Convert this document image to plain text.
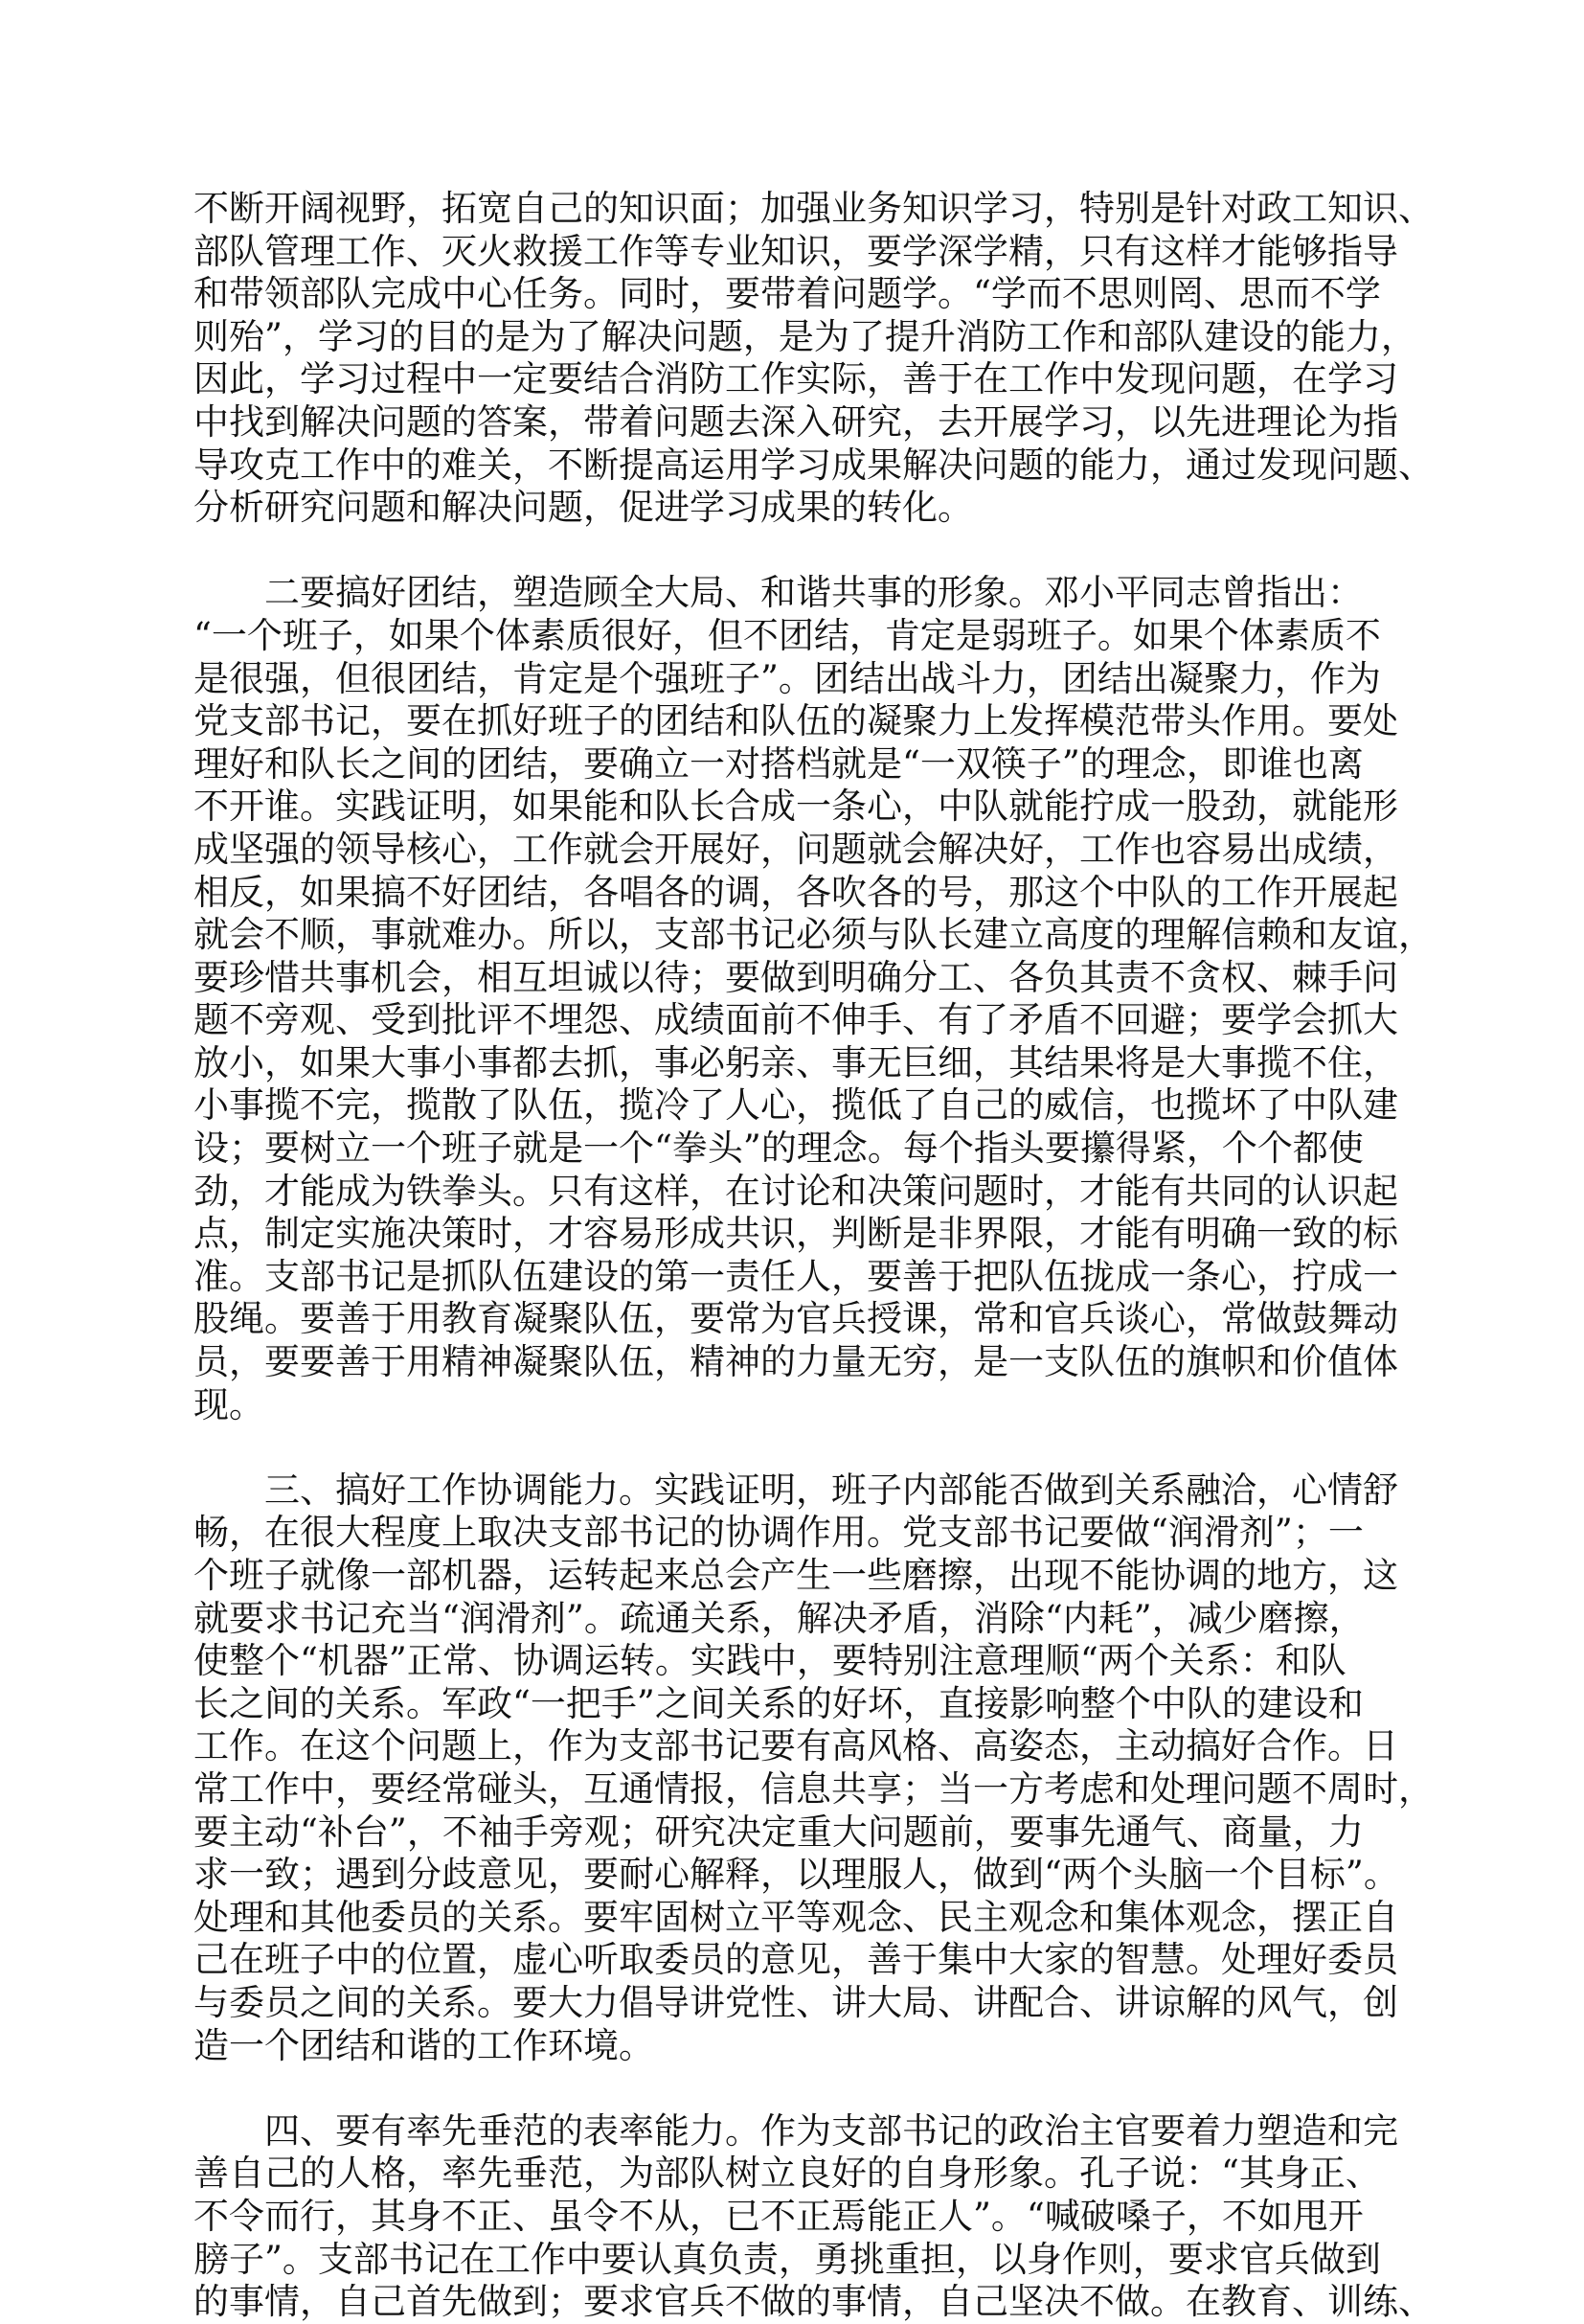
不断开阔视野，拓宽自己的知识面；加强业务知识学习，特别是针对政工知识、
部队管理工作、灭火救援工作等专业知识，要学深学精，只有这样才能够指导
和带领部队完成中心任务。同时，要带着问题学。“学而不思则罔、思而不学
则殆”，学习的目的是为了解决问题，是为了提升消防工作和部队建设的能力，
因此，学习过程中一定要结合消防工作实际，善于在工作中发现问题，在学习
中找到解决问题的答案，带着问题去深入研究，去开展学习，以先进理论为指
导攻克工作中的难关，不断提高运用学习成果解决问题的能力，通过发现问题、
分析研究问题和解决问题，促进学习成果的转化。
　　二要搞好团结，塑造顾全大局、和谐共事的形象。邓小平同志曾指出：
“一个班子，如果个体素质很好，但不团结，肯定是弱班子。如果个体素质不
是很强，但很团结，肯定是个强班子”。团结出战斗力，团结出凝聚力，作为
党支部书记，要在抓好班子的团结和队伍的凝聚力上发挥模范带头作用。要处
理好和队长之间的团结，要确立一对搭档就是“一双筷子”的理念，即谁也离
不开谁。实践证明，如果能和队长合成一条心，中队就能拧成一股劲，就能形
成坚强的领导核心，工作就会开展好，问题就会解决好，工作也容易出成绩，
相反，如果搞不好团结，各唱各的调，各吹各的号，那这个中队的工作开展起
就会不顺，事就难办。所以，支部书记必须与队长建立高度的理解信赖和友谊，
要珍惜共事机会，相互坦诚以待；要做到明确分工、各负其责不贪权、棘手问
题不旁观、受到批评不埋怨、成绩面前不伸手、有了矛盾不回避；要学会抓大
放小，如果大事小事都去抓，事必躬亲、事无巨细，其结果将是大事揽不住，
小事揽不完，揽散了队伍，揽冷了人心，揽低了自己的威信，也揽坏了中队建
设；要树立一个班子就是一个“拳头”的理念。每个指头要攥得紧，个个都使
劲，才能成为铁拳头。只有这样，在讨论和决策问题时，才能有共同的认识起
点，制定实施决策时，才容易形成共识，判断是非界限，才能有明确一致的标
准。支部书记是抓队伍建设的第一责任人，要善于把队伍拢成一条心，拧成一
股绳。要善于用教育凝聚队伍，要常为官兵授课，常和官兵谈心，常做鼓舞动
员，要要善于用精神凝聚队伍，精神的力量无穷，是一支队伍的旗帜和价值体
现。
　　三、搞好工作协调能力。实践证明，班子内部能否做到关系融洽，心情舒
畅，在很大程度上取决支部书记的协调作用。党支部书记要做“润滑剂”；一
个班子就像一部机器，运转起来总会产生一些磨擦，出现不能协调的地方，这
就要求书记充当“润滑剂”。疏通关系，解决矛盾，消除“内耗”，减少磨擦，
使整个“机器”正常、协调运转。实践中，要特别注意理顺“两个关系：和队
长之间的关系。军政“一把手”之间关系的好坏，直接影响整个中队的建设和
工作。在这个问题上，作为支部书记要有高风格、高姿态，主动搞好合作。日
常工作中，要经常碰头，互通情报，信息共享；当一方考虑和处理问题不周时，
要主动“补台”，不袖手旁观；研究决定重大问题前，要事先通气、商量，力
求一致；遇到分歧意见，要耐心解释，以理服人，做到“两个头脑一个目标”。
处理和其他委员的关系。要牢固树立平等观念、民主观念和集体观念，摆正自
己在班子中的位置，虚心听取委员的意见，善于集中大家的智慧。处理好委员
与委员之间的关系。要大力倡导讲党性、讲大局、讲配合、讲谅解的风气，创
造一个团结和谐的工作环境。
　　四、要有率先垂范的表率能力。作为支部书记的政治主官要着力塑造和完
善自己的人格，率先垂范，为部队树立良好的自身形象。孔子说：“其身正、
不令而行，其身不正、虽令不从，已不正焉能正人”。“喊破嗓子，不如甩开
膀子”。支部书记在工作中要认真负责，勇挑重担，以身作则，要求官兵做到
的事情，自己首先做到；要求官兵不做的事情，自己坚决不做。在教育、训练、
